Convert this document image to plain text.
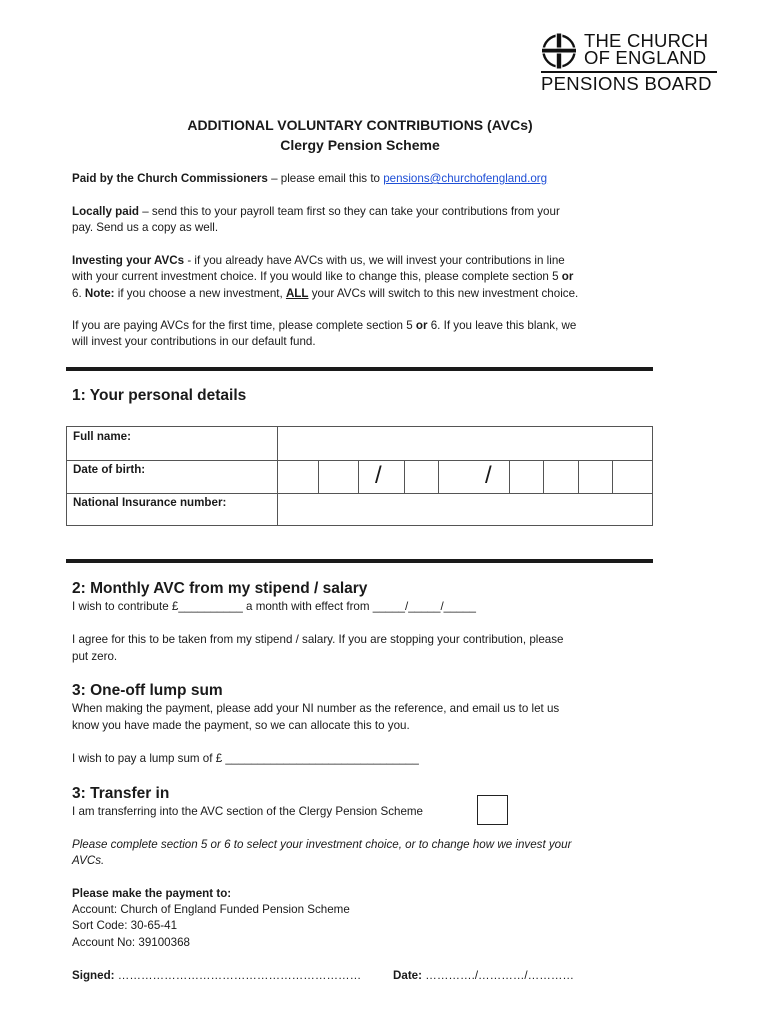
THE CHURCH
OF ENGLAND
PENSIONS BOARD
ADDITIONAL VOLUNTARY CONTRIBUTIONS (AVCs)
Clergy Pension Scheme
Paid by the Church Commissioners – please email this to pensions@churchofengland.org
Locally paid – send this to your payroll team first so they can take your contributions from your
pay. Send us a copy as well.
Investing your AVCs - if you already have AVCs with us, we will invest your contributions in line
with your current investment choice. If you would like to change this, please complete section 5 or
6. Note: if you choose a new investment, ALL your AVCs will switch to this new investment choice.
If you are paying AVCs for the first time, please complete section 5 or 6. If you leave this blank, we
will invest your contributions in our default fund.
1: Your personal details
Full name:
Date of birth:	/	/
National Insurance number:
2: Monthly AVC from my stipend / salary
I wish to contribute £__________ a month with effect from _____/_____/_____
I agree for this to be taken from my stipend / salary. If you are stopping your contribution, please
put zero.
3: One-off lump sum
When making the payment, please add your NI number as the reference, and email us to let us
know you have made the payment, so we can allocate this to you.
I wish to pay a lump sum of £ ______________________________
3: Transfer in
I am transferring into the AVC section of the Clergy Pension Scheme
Please complete section 5 or 6 to select your investment choice, or to change how we invest your
AVCs.
Please make the payment to:
Account: Church of England Funded Pension Scheme
Sort Code: 30-65-41
Account No: 39100368
Signed: ………………………………………………………	Date: …………./…………/…………
